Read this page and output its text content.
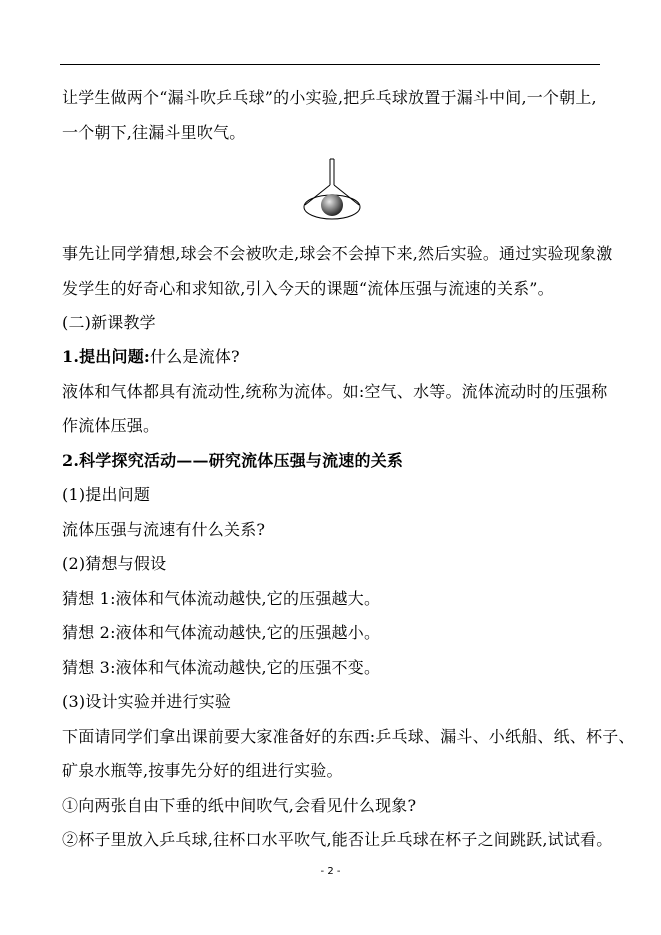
让学生做两个“漏斗吹乒乓球”的小实验,把乒乓球放置于漏斗中间,一个朝上,
一个朝下,往漏斗里吹气。
事先让同学猜想,球会不会被吹走,球会不会掉下来,然后实验。通过实验现象激
发学生的好奇心和求知欲,引入今天的课题“流体压强与流速的关系”。
(二)新课教学
1.提出问题:什么是流体?
液体和气体都具有流动性,统称为流体。如:空气、水等。流体流动时的压强称
作流体压强。
2.科学探究活动——研究流体压强与流速的关系
(1)提出问题
流体压强与流速有什么关系?
(2)猜想与假设
猜想 1:液体和气体流动越快,它的压强越大。
猜想 2:液体和气体流动越快,它的压强越小。
猜想 3:液体和气体流动越快,它的压强不变。
(3)设计实验并进行实验
下面请同学们拿出课前要大家准备好的东西:乒乓球、漏斗、小纸船、纸、杯子、
矿泉水瓶等,按事先分好的组进行实验。
①向两张自由下垂的纸中间吹气,会看见什么现象?
②杯子里放入乒乓球,往杯口水平吹气,能否让乒乓球在杯子之间跳跃,试试看。
- 2 -
